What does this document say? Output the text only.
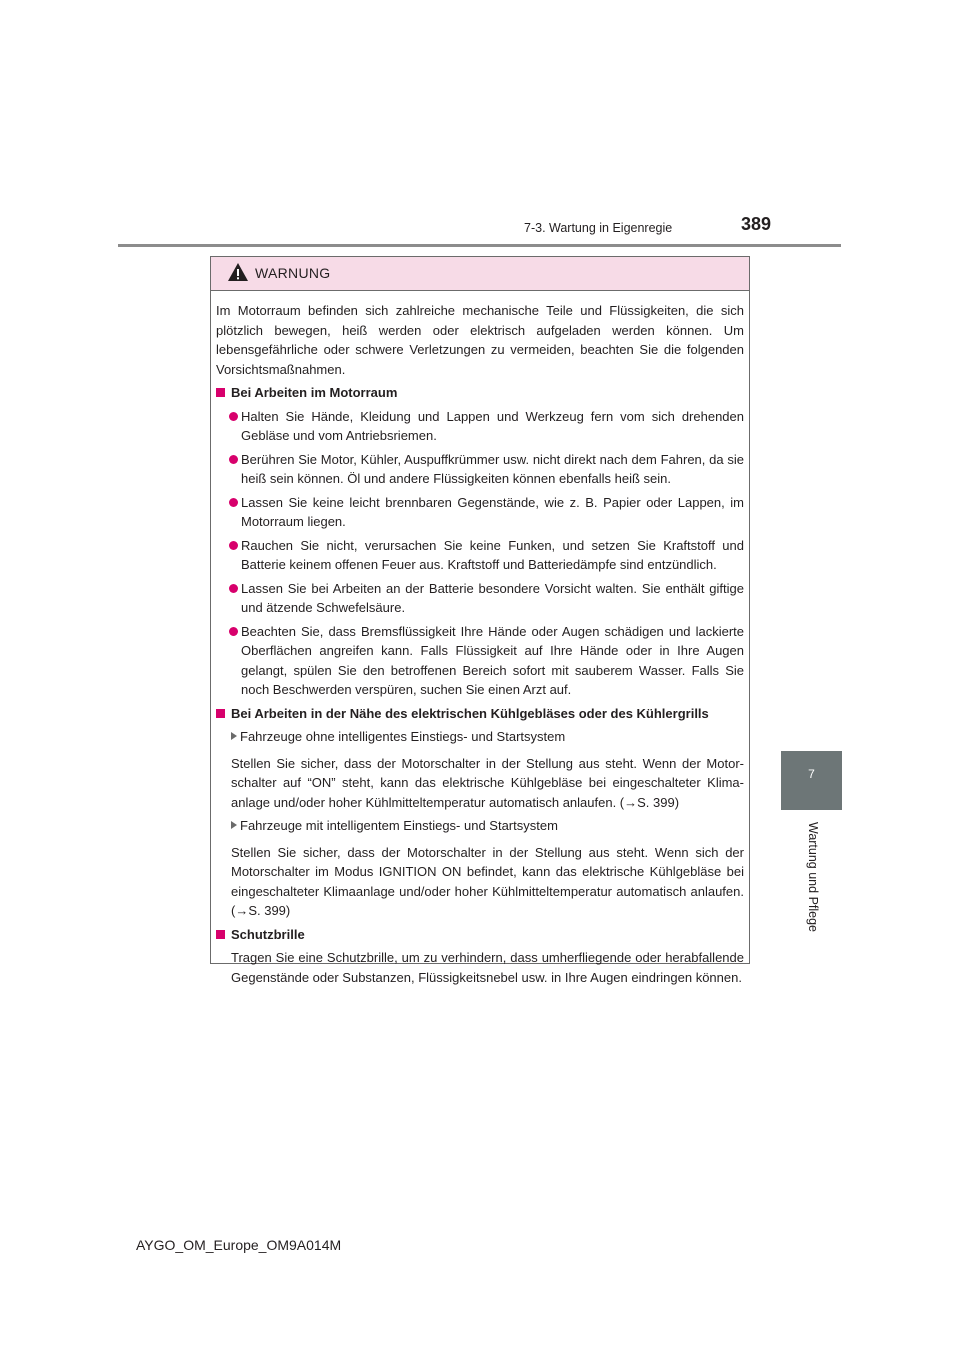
7-3. Wartung in Eigenregie	389
7
Wartung und Pflege
WARNUNG

Im Motorraum befinden sich zahlreiche mechanische Teile und Flüssigkeiten, die sich plötzlich bewegen, heiß werden oder elektrisch aufgeladen werden können. Um lebensgefährliche oder schwere Verletzungen zu vermeiden, beachten Sie die folgenden Vorsichtsmaßnahmen.

Bei Arbeiten im Motorraum

Halten Sie Hände, Kleidung und Lappen und Werkzeug fern vom sich drehenden Gebläse und vom Antriebsriemen.

Berühren Sie Motor, Kühler, Auspuffkrümmer usw. nicht direkt nach dem Fahren, da sie heiß sein können. Öl und andere Flüssigkeiten können ebenfalls heiß sein.

Lassen Sie keine leicht brennbaren Gegenstände, wie z. B. Papier oder Lappen, im Motorraum liegen.

Rauchen Sie nicht, verursachen Sie keine Funken, und setzen Sie Kraftstoff und Batterie keinem offenen Feuer aus. Kraftstoff und Batteriedämpfe sind entzündlich.

Lassen Sie bei Arbeiten an der Batterie besondere Vorsicht walten. Sie enthält giftige und ätzende Schwefelsäure.

Beachten Sie, dass Bremsflüssigkeit Ihre Hände oder Augen schädigen und lackierte Oberflächen angreifen kann. Falls Flüssigkeit auf Ihre Hände oder in Ihre Augen gelangt, spülen Sie den betroffenen Bereich sofort mit sauberem Wasser. Falls Sie noch Beschwerden verspüren, suchen Sie einen Arzt auf.

Bei Arbeiten in der Nähe des elektrischen Kühlgebläses oder des Kühlergrills

Fahrzeuge ohne intelligentes Einstiegs- und Startsystem

Stellen Sie sicher, dass der Motorschalter in der Stellung aus steht. Wenn der Motorschalter auf “ON” steht, kann das elektrische Kühlgebläse bei eingeschalteter Klimaanlage und/oder hoher Kühlmitteltemperatur automatisch anlaufen. (→S. 399)

Fahrzeuge mit intelligentem Einstiegs- und Startsystem

Stellen Sie sicher, dass der Motorschalter in der Stellung aus steht. Wenn sich der Motorschalter im Modus IGNITION ON befindet, kann das elektrische Kühlgebläse bei eingeschalteter Klimaanlage und/oder hoher Kühlmitteltemperatur automatisch anlaufen. (→S. 399)

Schutzbrille

Tragen Sie eine Schutzbrille, um zu verhindern, dass umherfliegende oder herabfallende Gegenstände oder Substanzen, Flüssigkeitsnebel usw. in Ihre Augen eindringen können.

AYGO_OM_Europe_OM9A014M
